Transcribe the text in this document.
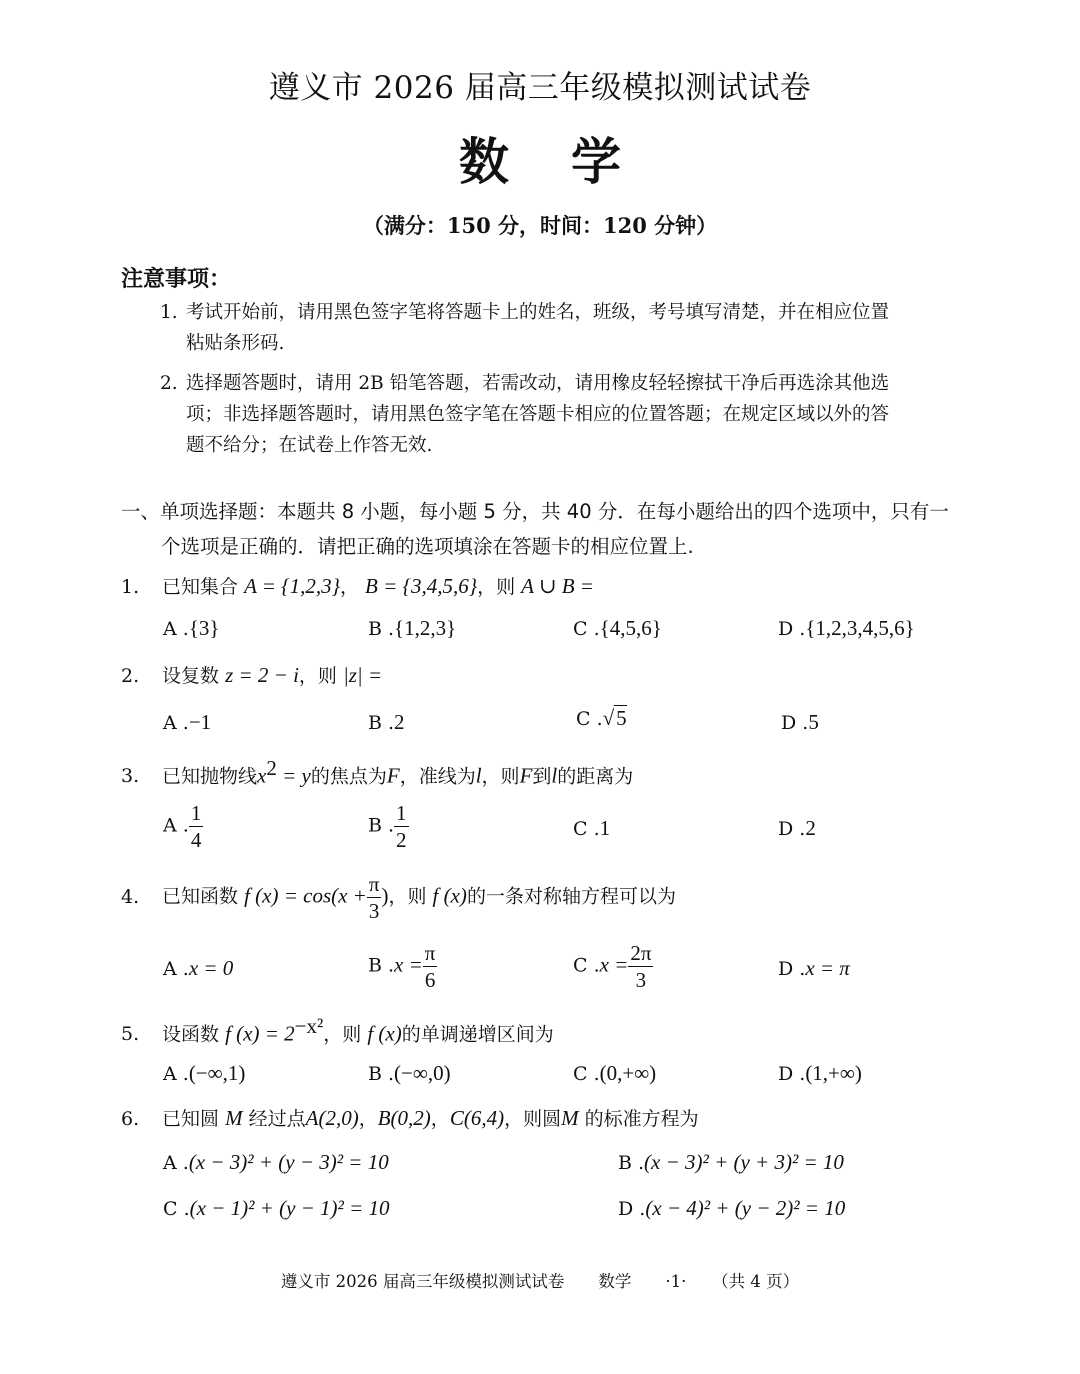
遵义市 2026 届高三年级模拟测试试卷
数 学
（满分：150 分，时间：120 分钟）
注意事项：
1. 考试开始前，请用黑色签字笔将答题卡上的姓名，班级，考号填写清楚，并在相应位置
粘贴条形码.
2. 选择题答题时，请用 2B 铅笔答题，若需改动，请用橡皮轻轻擦拭干净后再选涂其他选
项；非选择题答题时，请用黑色签字笔在答题卡相应的位置答题；在规定区域以外的答
题不给分；在试卷上作答无效.
一、单项选择题：本题共 8 小题，每小题 5 分，共 40 分．在每小题给出的四个选项中，只有一
个选项是正确的．请把正确的选项填涂在答题卡的相应位置上.
1. 已知集合 A = {1,2,3}， B = {3,4,5,6}，则 A ∪ B =
A .{3}	B .{1,2,3}	C .{4,5,6}	D .{1,2,3,4,5,6}
2. 设复数 z = 2 − i，则 |z| =
A .−1	B .2	C .√5	D .5
3. 已知抛物线$x^2 = y$的焦点为F，准线为l，则F到l的距离为
A . $\frac{1}{4}$	B . $\frac{1}{2}$	C .1	D .2
4. 已知函数 f $(x) = \cos(x + \frac{\pi}{3}$ )，则 f (x)的一条对称轴方程可以为
A .x = 0	B $.x = \frac{\pi}{6}$	C $.x = \frac{2\pi}{3}$	D .x = π
5. 设函数 f $(x) = 2^{-x^2}$，则 f (x)的单调递增区间为
A .(−∞,1)	B .(−∞,0)	C .(0,+∞)	D .(1,+∞)
6. 已知圆 M 经过点A(2,0)，B(0,2)，C(6,4)，则圆M 的标准方程为
A .(x − 3)² + (y − 3)² = 10	B .(x − 3)² + (y + 3)² = 10
C .(x − 1)² + (y − 1)² = 10	D .(x − 4)² + (y − 2)² = 10
遵义市 2026 届高三年级模拟测试试卷 数学 ·1· （共 4 页）
